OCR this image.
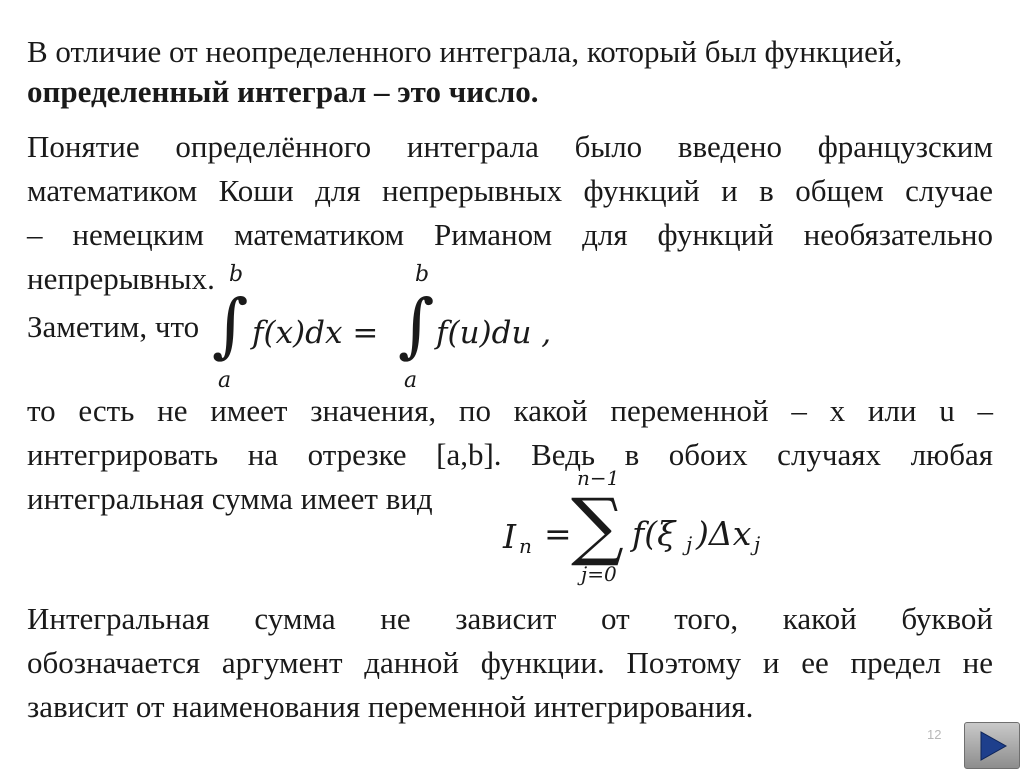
В отличие от неопределенного интеграла, который был функцией,
определенный интеграл – это число.
Понятие определённого интеграла было введено французским
математиком Коши для непрерывных функций и в общем случае
– немецким математиком Риманом для функций необязательно
непрерывных.
Заметим, что
b
∫
a
f(x)dx =
b
∫
a
f(u)du ,
то есть не имеет значения, по какой переменной – x или u –
интегрировать на отрезке [a,b]. Ведь в обоих случаях любая
интегральная сумма имеет вид
n−1
I n = ∑
j=0
f(ξ j )Δx j
Интегральная сумма не зависит от того, какой буквой
обозначается аргумент данной функции. Поэтому и ее предел не
зависит от наименования переменной интегрирования.
12
